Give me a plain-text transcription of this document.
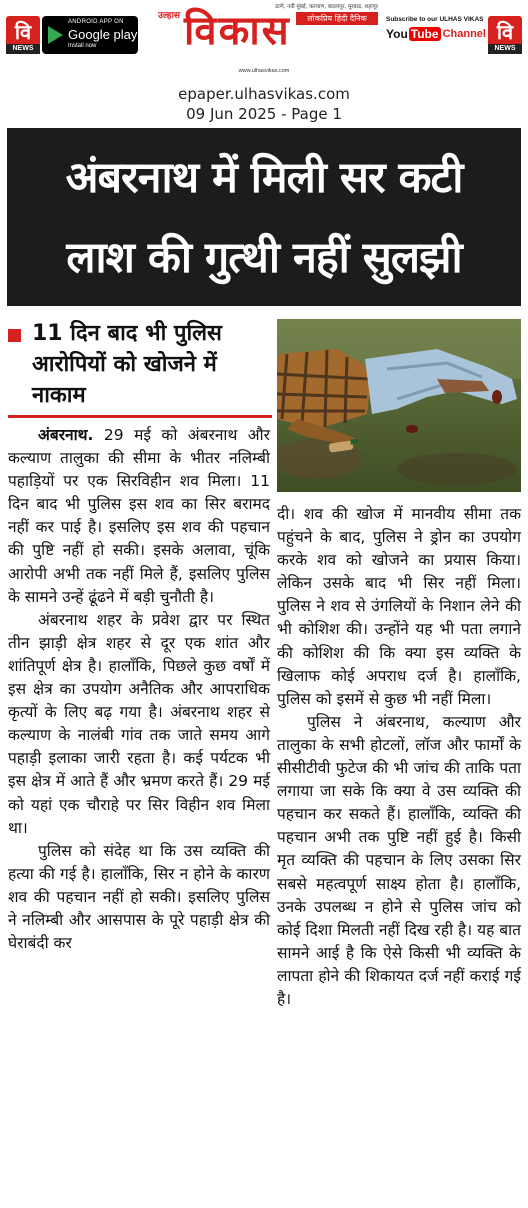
वि
NEWS
ANDROID APP ON
Google play
Install now
ठाणे, नवी मुंबई, कल्याण, बदलापूर, मुरबाड, शहापूर
उल्हास विकास	लोकप्रिय हिंदी दैनिक
www.ulhasvikas.com
Subscribe to our ULHAS VIKAS
You Tube Channel वि
NEWS
epaper.ulhasvikas.com
09 Jun 2025 - Page 1
अंबरनाथ में मिली सर कटी
लाश की गुत्थी नहीं सुलझी
11 दिन बाद भी पुलिस आरोपियों को खोजने में नाकाम

अंबरनाथ. 29 मई को अंबरनाथ और कल्याण तालुका की सीमा के भीतर नलिम्बी पहाड़ियों पर एक सिरविहीन शव मिला। 11 दिन बाद भी पुलिस इस शव का सिर बरामद नहीं कर पाई है। इसलिए इस शव की पहचान की पुष्टि नहीं हो सकी। इसके अलावा, चूंकि आरोपी अभी तक नहीं मिले हैं, इसलिए पुलिस के सामने उन्हें ढूंढने में बड़ी चुनौती है।

अंबरनाथ शहर के प्रवेश द्वार पर स्थित तीन झाड़ी क्षेत्र शहर से दूर एक शांत और शांतिपूर्ण क्षेत्र है। हालाँकि, पिछले कुछ वर्षों में इस क्षेत्र का उपयोग अनैतिक और आपराधिक कृत्यों के लिए बढ़ गया है। अंबरनाथ शहर से कल्याण के नालंबी गांव तक जाते समय आगे पहाड़ी इलाका जारी रहता है। कई पर्यटक भी इस क्षेत्र में आते हैं और भ्रमण करते हैं। 29 मई को यहां एक चौराहे पर सिर विहीन शव मिला था।

पुलिस को संदेह था कि उस व्यक्ति की हत्या की गई है। हालाँकि, सिर न होने के कारण शव की पहचान नहीं हो सकी। इसलिए पुलिस ने नलिम्बी और आसपास के पूरे पहाड़ी क्षेत्र की घेराबंदी कर

दी। शव की खोज में मानवीय सीमा तक पहुंचने के बाद, पुलिस ने ड्रोन का उपयोग करके शव को खोजने का प्रयास किया। लेकिन उसके बाद भी सिर नहीं मिला। पुलिस ने शव से उंगलियों के निशान लेने की भी कोशिश की। उन्होंने यह भी पता लगाने की कोशिश की कि क्या इस व्यक्ति के खिलाफ कोई अपराध दर्ज है। हालाँकि, पुलिस को इसमें से कुछ भी नहीं मिला।

पुलिस ने अंबरनाथ, कल्याण और तालुका के सभी होटलों, लॉज और फार्मों के सीसीटीवी फुटेज की भी जांच की ताकि पता लगाया जा सके कि क्या वे उस व्यक्ति की पहचान कर सकते हैं। हालाँकि, व्यक्ति की पहचान अभी तक पुष्टि नहीं हुई है। किसी मृत व्यक्ति की पहचान के लिए उसका सिर सबसे महत्वपूर्ण साक्ष्य होता है। हालाँकि, उनके उपलब्ध न होने से पुलिस जांच को कोई दिशा मिलती नहीं दिख रही है। यह बात सामने आई है कि ऐसे किसी भी व्यक्ति के लापता होने की शिकायत दर्ज नहीं कराई गई है।
